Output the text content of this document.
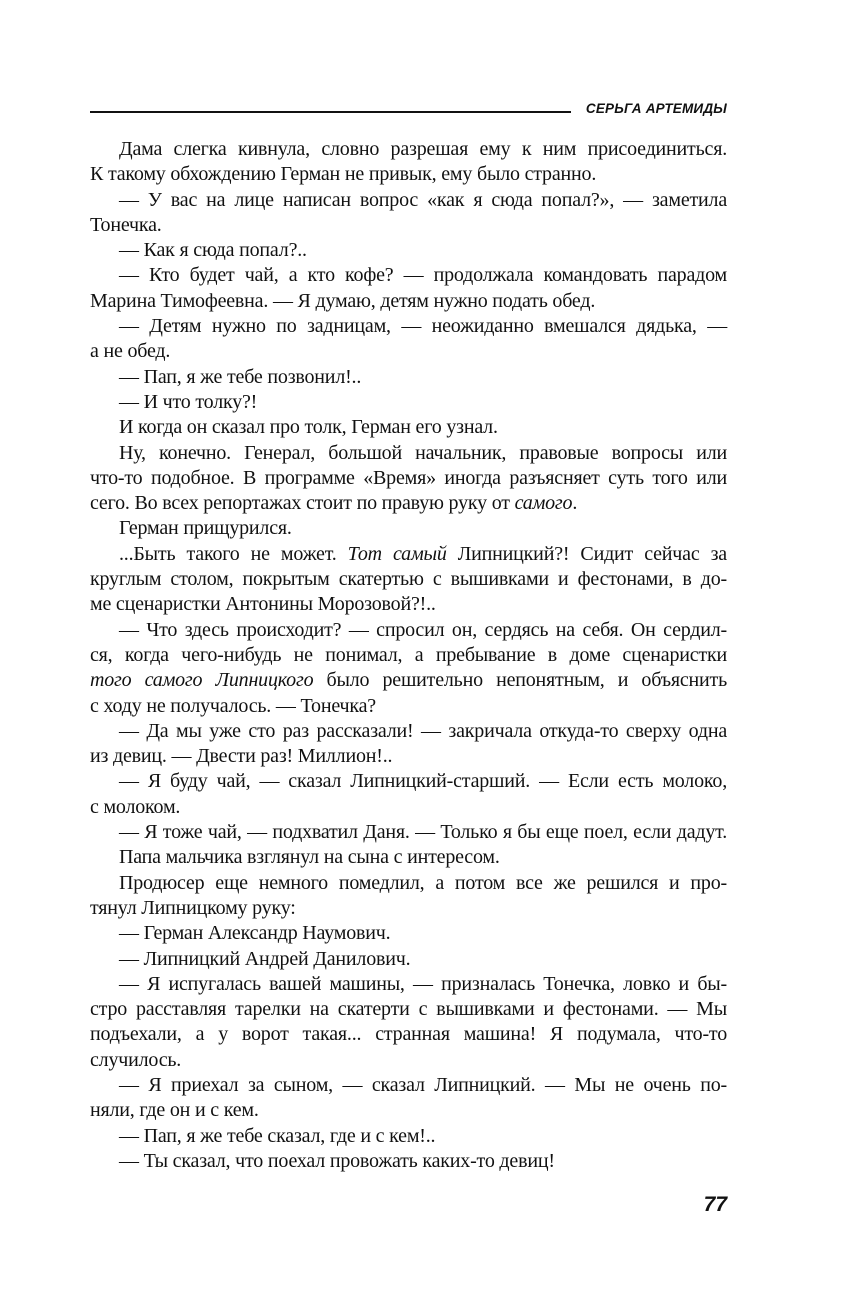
СЕРЬГА АРТЕМИДЫ
Дама слегка кивнула, словно разрешая ему к ним присоединиться.
К такому обхождению Герман не привык, ему было странно.
— У вас на лице написан вопрос «как я сюда попал?», — заметила
Тонечка.
— Как я сюда попал?..
— Кто будет чай, а кто кофе? — продолжала командовать парадом
Марина Тимофеевна. — Я думаю, детям нужно подать обед.
— Детям нужно по задницам, — неожиданно вмешался дядька, —
а не обед.
— Пап, я же тебе позвонил!..
— И что толку?!
И когда он сказал про толк, Герман его узнал.
Ну, конечно. Генерал, большой начальник, правовые вопросы или
что-то подобное. В программе «Время» иногда разъясняет суть того или
сего. Во всех репортажах стоит по правую руку от самого.
Герман прищурился.
...Быть такого не может. Тот самый Липницкий?! Сидит сейчас за
круглым столом, покрытым скатертью с вышивками и фестонами, в до-
ме сценаристки Антонины Морозовой?!..
— Что здесь происходит? — спросил он, сердясь на себя. Он сердил-
ся, когда чего-нибудь не понимал, а пребывание в доме сценаристки
того самого Липницкого было решительно непонятным, и объяснить
с ходу не получалось. — Тонечка?
— Да мы уже сто раз рассказали! — закричала откуда-то сверху одна
из девиц. — Двести раз! Миллион!..
— Я буду чай, — сказал Липницкий-старший. — Если есть молоко,
с молоком.
— Я тоже чай, — подхватил Даня. — Только я бы еще поел, если дадут.
Папа мальчика взглянул на сына с интересом.
Продюсер еще немного помедлил, а потом все же решился и про-
тянул Липницкому руку:
— Герман Александр Наумович.
— Липницкий Андрей Данилович.
— Я испугалась вашей машины, — призналась Тонечка, ловко и бы-
стро расставляя тарелки на скатерти с вышивками и фестонами. — Мы
подъехали, а у ворот такая... странная машина! Я подумала, что-то
случилось.
— Я приехал за сыном, — сказал Липницкий. — Мы не очень по-
няли, где он и с кем.
— Пап, я же тебе сказал, где и с кем!..
— Ты сказал, что поехал провожать каких-то девиц!
77
